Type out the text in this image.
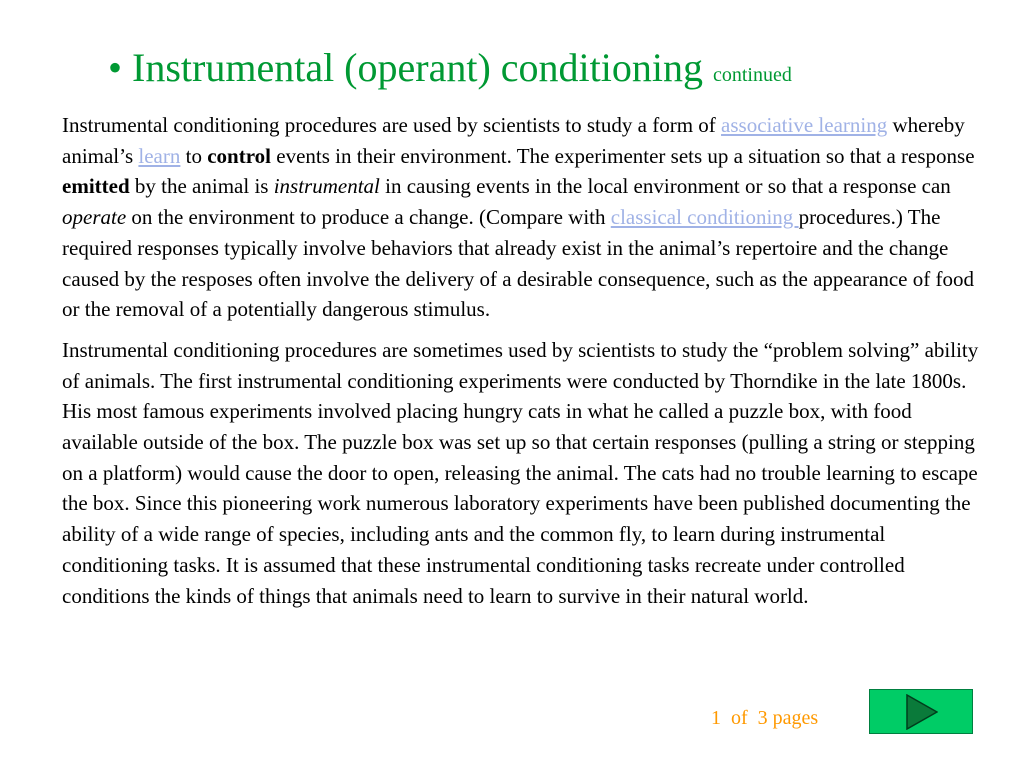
• Instrumental (operant) conditioning continued

Instrumental conditioning procedures are used by scientists to study a form of associative learning whereby animal’s learn to control events in their environment. The experimenter sets up a situation so that a response emitted by the animal is instrumental in causing events in the local environment or so that a response can operate on the environment to produce a change. (Compare with classical conditioning procedures.) The required responses typically involve behaviors that already exist in the animal’s repertoire and the change caused by the resposes often involve the delivery of a desirable consequence, such as the appearance of food or the removal of a potentially dangerous stimulus.

Instrumental conditioning procedures are sometimes used by scientists to study the “problem solving” ability of animals. The first instrumental conditioning experiments were conducted by Thorndike in the late 1800s. His most famous experiments involved placing hungry cats in what he called a puzzle box, with food available outside of the box. The puzzle box was set up so that certain responses (pulling a string or stepping on a platform) would cause the door to open, releasing the animal. The cats had no trouble learning to escape the box. Since this pioneering work numerous laboratory experiments have been published documenting the ability of a wide range of species, including ants and the common fly, to learn during instrumental conditioning tasks. It is assumed that these instrumental conditioning tasks recreate under controlled conditions the kinds of things that animals need to learn to survive in their natural world.

1  of  3 pages
